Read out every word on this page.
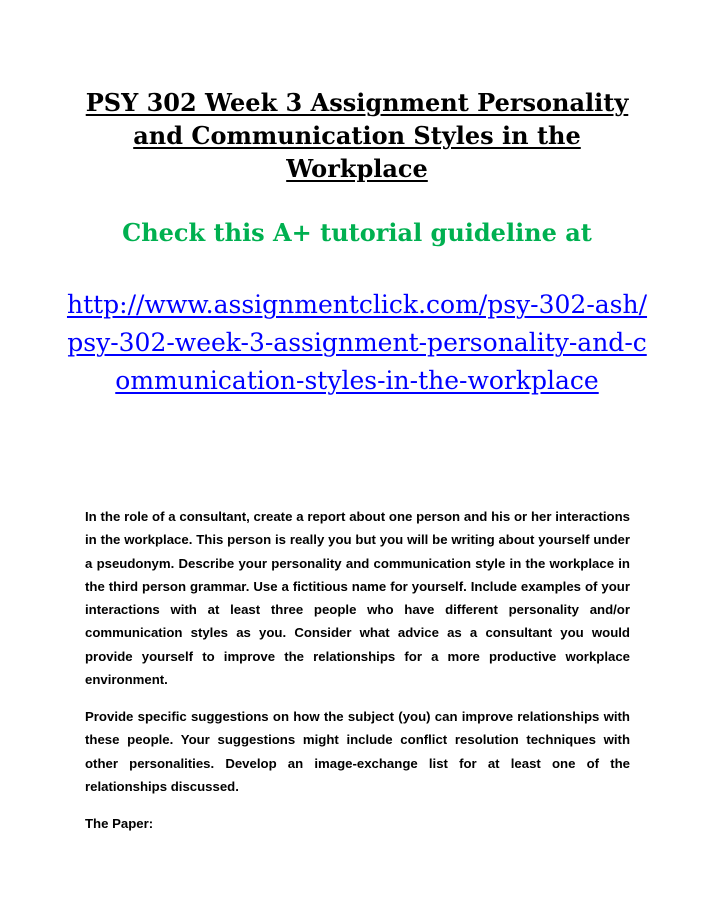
PSY 302 Week 3 Assignment Personality and Communication Styles in the Workplace
Check this A+ tutorial guideline at
http://www.assignmentclick.com/psy-302-ash/psy-302-week-3-assignment-personality-and-communication-styles-in-the-workplace

In the role of a consultant, create a report about one person and his or her interactions in the workplace. This person is really you but you will be writing about yourself under a pseudonym. Describe your personality and communication style in the workplace in the third person grammar. Use a fictitious name for yourself. Include examples of your interactions with at least three people who have different personality and/or communication styles as you. Consider what advice as a consultant you would provide yourself to improve the relationships for a more productive workplace environment.

Provide specific suggestions on how the subject (you) can improve relationships with these people. Your suggestions might include conflict resolution techniques with other personalities. Develop an image-exchange list for at least one of the relationships discussed.

The Paper:
